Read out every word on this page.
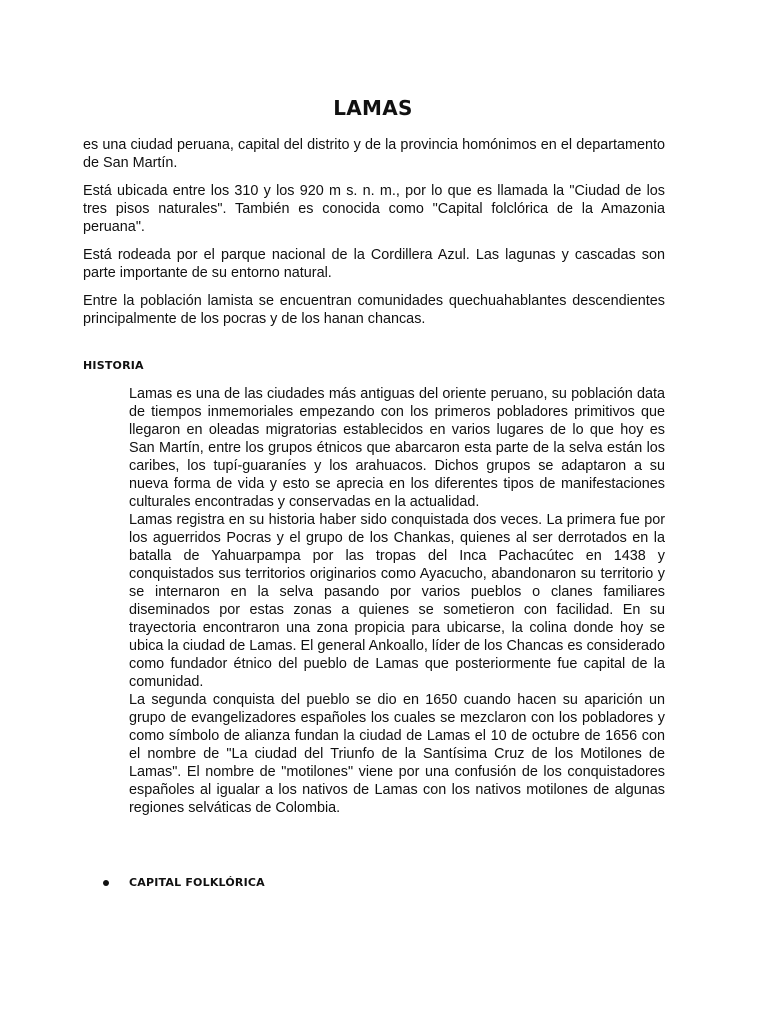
LAMAS

es una ciudad peruana, capital del distrito y de la provincia homónimos en el departamento de San Martín.

Está ubicada entre los 310 y los 920 m s. n. m., por lo que es llamada la "Ciudad de los tres pisos naturales". También es conocida como "Capital folclórica de la Amazonia peruana".

Está rodeada por el parque nacional de la Cordillera Azul. Las lagunas y cascadas son parte importante de su entorno natural.

Entre la población lamista se encuentran comunidades quechuahablantes descendientes principalmente de los pocras y de los hanan chancas.

HISTORIA

Lamas es una de las ciudades más antiguas del oriente peruano, su población data de tiempos inmemoriales empezando con los primeros pobladores primitivos que llegaron en oleadas migratorias establecidos en varios lugares de lo que hoy es San Martín, entre los grupos étnicos que abarcaron esta parte de la selva están los caribes, los tupí-guaraníes y los arahuacos. Dichos grupos se adaptaron a su nueva forma de vida y esto se aprecia en los diferentes tipos de manifestaciones culturales encontradas y conservadas en la actualidad.

Lamas registra en su historia haber sido conquistada dos veces. La primera fue por los aguerridos Pocras y el grupo de los Chankas, quienes al ser derrotados en la batalla de Yahuarpampa por las tropas del Inca Pachacútec en 1438 y conquistados sus territorios originarios como Ayacucho, abandonaron su territorio y se internaron en la selva pasando por varios pueblos o clanes familiares diseminados por estas zonas a quienes se sometieron con facilidad. En su trayectoria encontraron una zona propicia para ubicarse, la colina donde hoy se ubica la ciudad de Lamas. El general Ankoallo, líder de los Chancas es considerado como fundador étnico del pueblo de Lamas que posteriormente fue capital de la comunidad.

La segunda conquista del pueblo se dio en 1650 cuando hacen su aparición un grupo de evangelizadores españoles los cuales se mezclaron con los pobladores y como símbolo de alianza fundan la ciudad de Lamas el 10 de octubre de 1656 con el nombre de "La ciudad del Triunfo de la Santísima Cruz de los Motilones de Lamas". El nombre de "motilones" viene por una confusión de los conquistadores españoles al igualar a los nativos de Lamas con los nativos motilones de algunas regiones selváticas de Colombia.

CAPITAL FOLKLÓRICA
